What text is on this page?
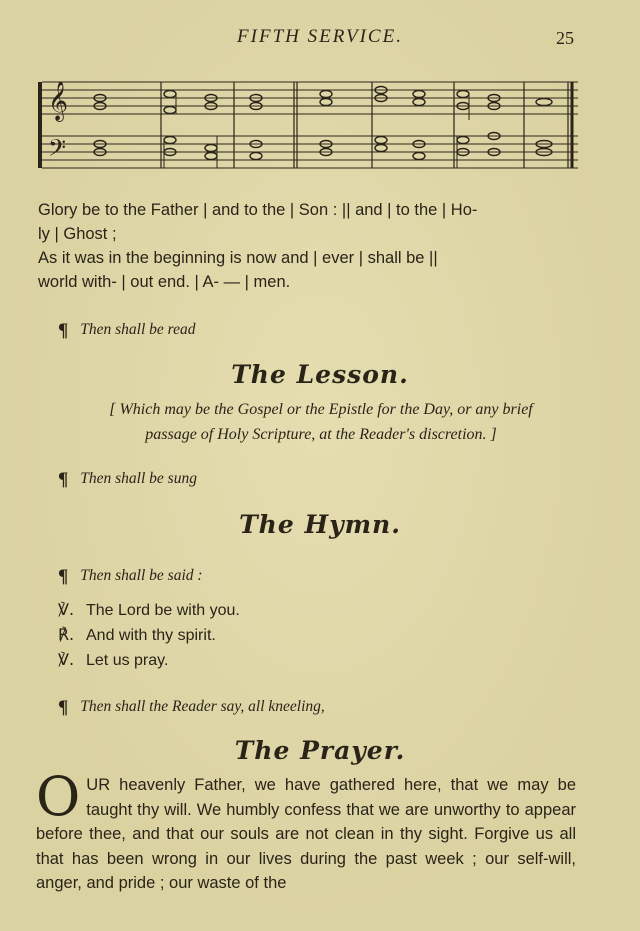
FIFTH SERVICE.	25
𝄞
𝄢
Glory be to the Father | and to the | Son : || and | to the | Ho-
ly | Ghost ;
As it was in the beginning is now and | ever | shall be ||
world with- | out end. | A- — | men.
¶ Then shall be read
The Lesson.
[ Which may be the Gospel or the Epistle for the Day, or any brief
passage of Holy Scripture, at the Reader's discretion. ]
¶ Then shall be sung
The Hymn.
¶ Then shall be said :
℣. The Lord be with you.
℟. And with thy spirit.
℣. Let us pray.
¶ Then shall the Reader say, all kneeling,
The Prayer.
OUR heavenly Father, we have gathered here, that we may be taught thy will. We humbly confess that we are unworthy to appear before thee, and that our souls are not clean in thy sight. Forgive us all that has been wrong in our lives during the past week ; our self-will, anger, and pride ; our waste of the
